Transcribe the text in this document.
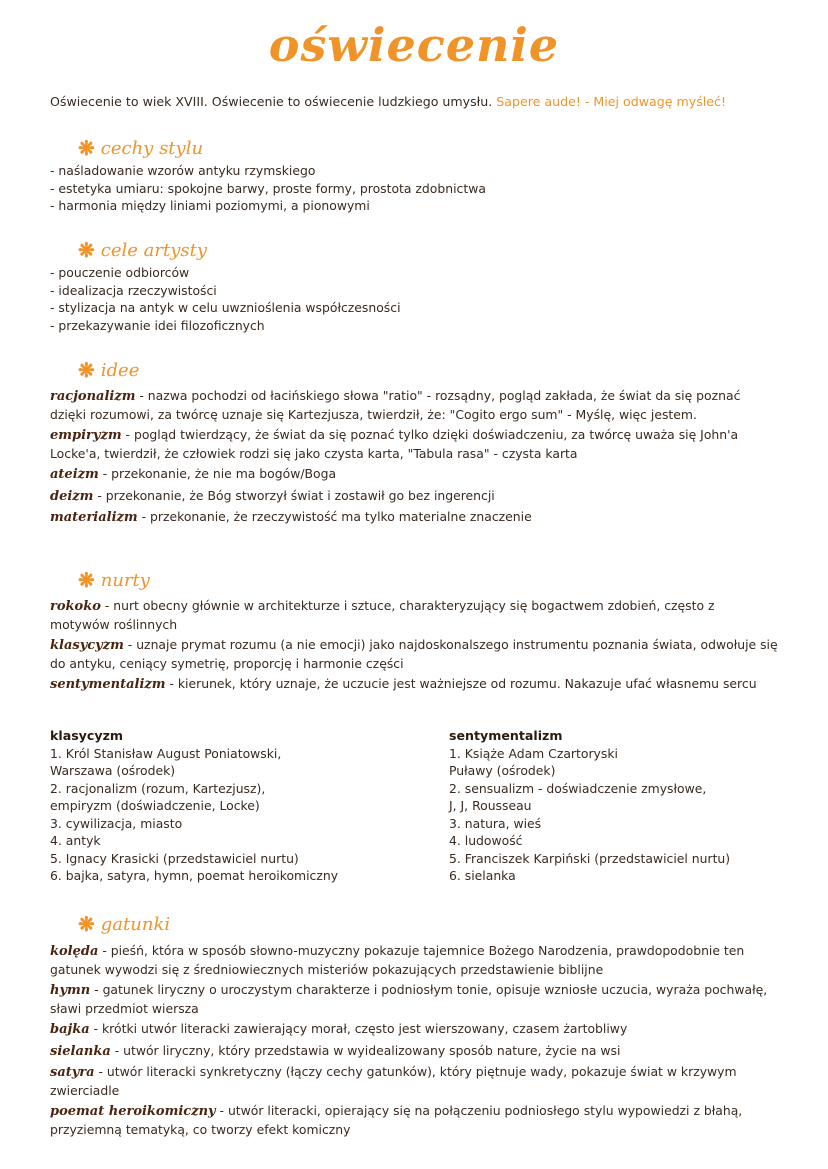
oświecenie
Oświecenie to wiek XVIII. Oświecenie to oświecenie ludzkiego umysłu. Sapere aude! - Miej odwagę myśleć!
❋ cechy stylu
- naśladowanie wzorów antyku rzymskiego
- estetyka umiaru: spokojne barwy, proste formy, prostota zdobnictwa
- harmonia między liniami poziomymi, a pionowymi
❋ cele artysty
- pouczenie odbiorców
- idealizacja rzeczywistości
- stylizacja na antyk w celu uwznioślenia współczesności
- przekazywanie idei filozoficznych
❋ idee

racjonalizm - nazwa pochodzi od łacińskiego słowa "ratio" - rozsądny, pogląd zakłada, że świat da się poznać dzięki rozumowi, za twórcę uznaje się Kartezjusza, twierdził, że: "Cogito ergo sum" - Myślę, więc jestem.

empiryzm - pogląd twierdzący, że świat da się poznać tylko dzięki doświadczeniu, za twórcę uważa się John'a Locke'a, twierdził, że człowiek rodzi się jako czysta karta, "Tabula rasa" - czysta karta

ateizm - przekonanie, że nie ma bogów/Boga

deizm - przekonanie, że Bóg stworzył świat i zostawił go bez ingerencji

materializm - przekonanie, że rzeczywistość ma tylko materialne znaczenie

❋ nurty

rokoko - nurt obecny głównie w architekturze i sztuce, charakteryzujący się bogactwem zdobień, często z motywów roślinnych

klasycyzm - uznaje prymat rozumu (a nie emocji) jako najdoskonalszego instrumentu poznania świata, odwołuje się do antyku, ceniący symetrię, proporcję i harmonie części

sentymentalizm - kierunek, który uznaje, że uczucie jest ważniejsze od rozumu. Nakazuje ufać własnemu sercu

klasycyzm
1. Król Stanisław August Poniatowski,
Warszawa (ośrodek)
2. racjonalizm (rozum, Kartezjusz),
empiryzm (doświadczenie, Locke)
3. cywilizacja, miasto
4. antyk
5. Ignacy Krasicki (przedstawiciel nurtu)
6. bajka, satyra, hymn, poemat heroikomiczny
sentymentalizm
1. Książe Adam Czartoryski
Puławy (ośrodek)
2. sensualizm - doświadczenie zmysłowe,
J, J, Rousseau
3. natura, wieś
4. ludowość
5. Franciszek Karpiński (przedstawiciel nurtu)
6. sielanka
❋ gatunki

kolęda - pieśń, która w sposób słowno-muzyczny pokazuje tajemnice Bożego Narodzenia, prawdopodobnie ten gatunek wywodzi się z średniowiecznych misteriów pokazujących przedstawienie biblijne

hymn - gatunek liryczny o uroczystym charakterze i podniosłym tonie, opisuje wzniosłe uczucia, wyraża pochwałę, sławi przedmiot wiersza

bajka - krótki utwór literacki zawierający morał, często jest wierszowany, czasem żartobliwy

sielanka - utwór liryczny, który przedstawia w wyidealizowany sposób nature, życie na wsi

satyra - utwór literacki synkretyczny (łączy cechy gatunków), który piętnuje wady, pokazuje świat w krzywym zwierciadle

poemat heroikomiczny - utwór literacki, opierający się na połączeniu podniosłego stylu wypowiedzi z błahą, przyziemną tematyką, co tworzy efekt komiczny
